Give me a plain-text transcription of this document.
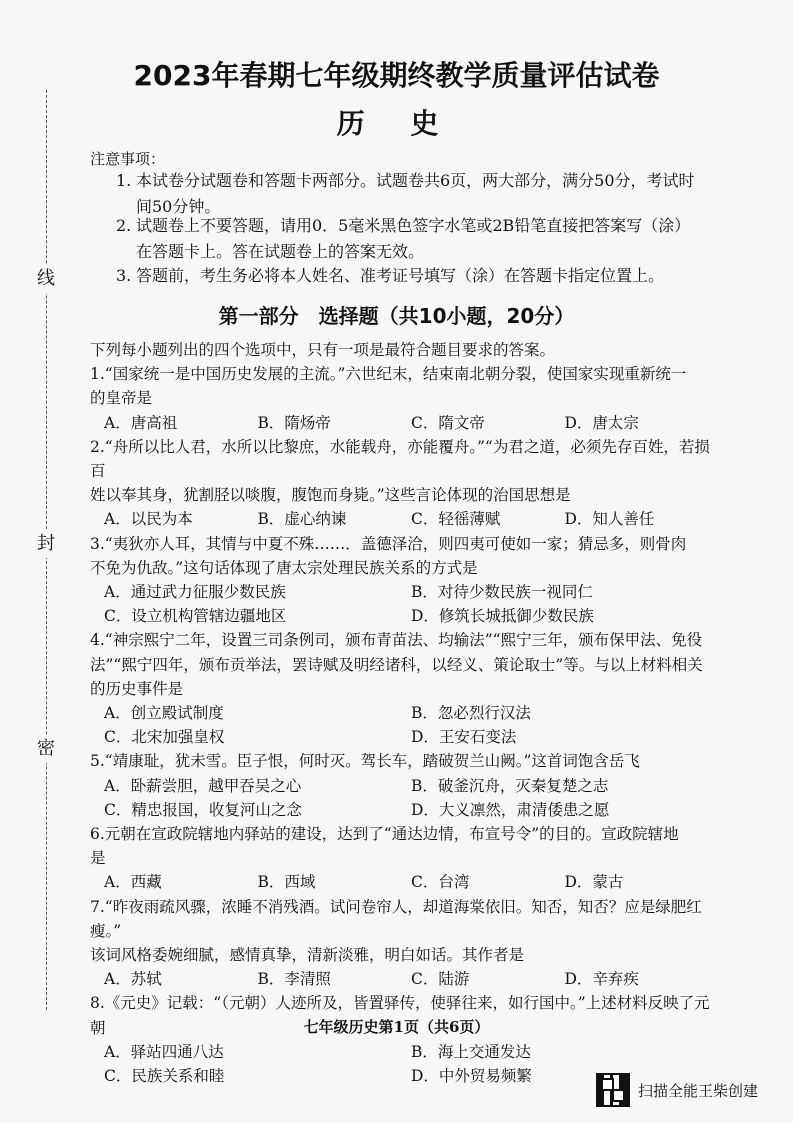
线
封
密
2023年春期七年级期终教学质量评估试卷
历 史
注意事项：
1. 本试卷分试题卷和答题卡两部分。试题卷共6页，两大部分，满分50分，考试时
间50分钟。
2. 试题卷上不要答题，请用0．5毫米黑色签字水笔或2B铅笔直接把答案写（涂）
在答题卡上。答在试题卷上的答案无效。
3. 答题前，考生务必将本人姓名、准考证号填写（涂）在答题卡指定位置上。
第一部分　选择题（共10小题，20分）

下列每小题列出的四个选项中，只有一项是最符合题目要求的答案。

1.“国家统一是中国历史发展的主流。”六世纪末，结束南北朝分裂，使国家实现重新统一

的皇帝是

A．唐高祖	B．隋炀帝	C．隋文帝	D．唐太宗

2.“舟所以比人君，水所以比黎庶，水能载舟，亦能覆舟。”“为君之道，必须先存百姓，若损百

姓以奉其身，犹割胫以啖腹，腹饱而身毙。”这些言论体现的治国思想是

A．以民为本	B．虚心纳谏	C．轻徭薄赋	D．知人善任

3.“夷狄亦人耳，其情与中夏不殊……．盖德泽洽，则四夷可使如一家；猜忌多，则骨肉

不免为仇敌。”这句话体现了唐太宗处理民族关系的方式是

A．通过武力征服少数民族	B．对待少数民族一视同仁
C．设立机构管辖边疆地区	D．修筑长城抵御少数民族

4.“神宗熙宁二年，设置三司条例司，颁布青苗法、均输法”“熙宁三年，颁布保甲法、免役

法”“熙宁四年，颁布贡举法，罢诗赋及明经诸科，以经义、策论取士”等。与以上材料相关

的历史事件是

A．创立殿试制度	B．忽必烈行汉法
C．北宋加强皇权	D．王安石变法

5.“靖康耻，犹未雪。臣子恨，何时灭。驾长车，踏破贺兰山阙。”这首词饱含岳飞

A．卧薪尝胆，越甲吞吴之心	B．破釜沉舟，灭秦复楚之志
C．精忠报国，收复河山之念	D．大义凛然，肃清倭患之愿

6.元朝在宣政院辖地内驿站的建设，达到了“通达边情，布宣号令”的目的。宣政院辖地

是

A．西藏	B．西域	C．台湾	D．蒙古

7.“昨夜雨疏风骤，浓睡不消残酒。试问卷帘人，却道海棠依旧。知否，知否？应是绿肥红瘦。”

该词风格委婉细腻，感情真挚，清新淡雅，明白如话。其作者是

A．苏轼	B．李清照	C．陆游	D．辛弃疾

8.《元史》记载：“（元朝）人迹所及，皆置驿传，使驿往来，如行国中。”上述材料反映了元朝

A．驿站四通八达	B．海上交通发达
C．民族关系和睦	D．中外贸易频繁
七年级历史第1页（共6页）
扫描全能王柴创建
